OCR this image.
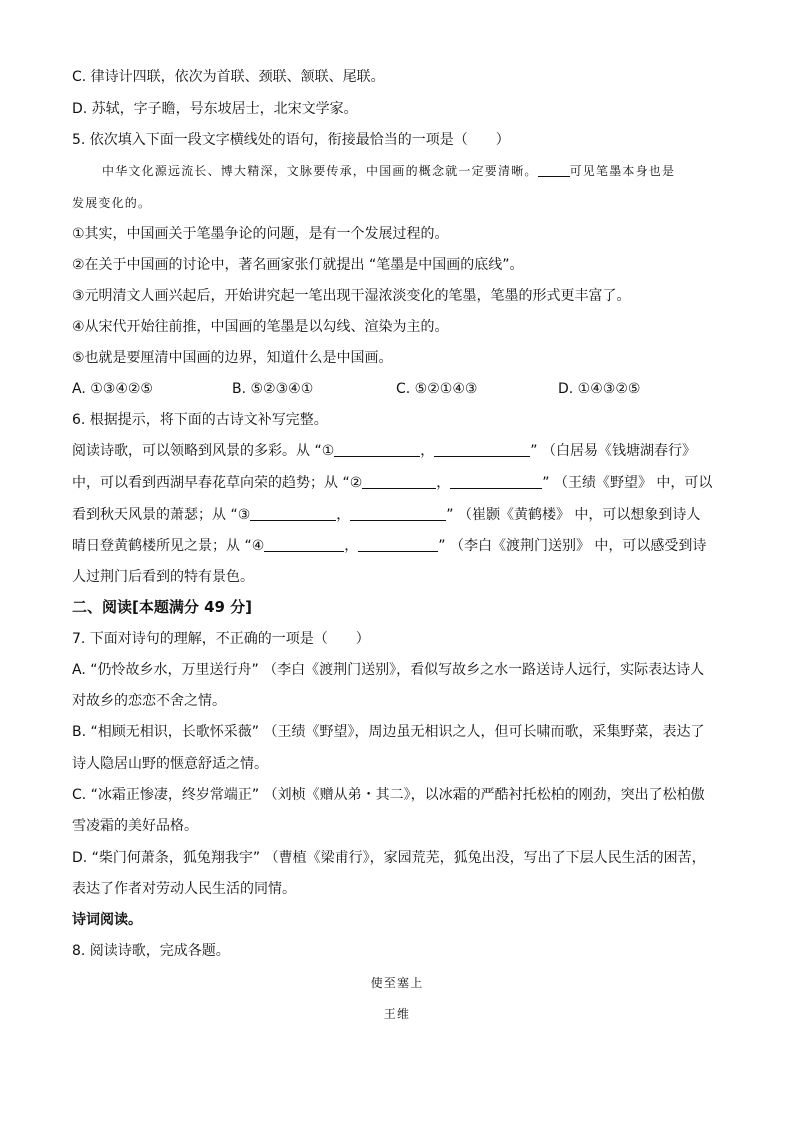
C. 律诗计四联，依次为首联、颈联、颔联、尾联。
D. 苏轼，字子瞻，号东坡居士，北宋文学家。
5. 依次填入下面一段文字横线处的语句，衔接最恰当的一项是（　　）
中华文化源远流长、博大精深，文脉要传承，中国画的概念就一定要清晰。	可见笔墨本身也是
发展变化的。
①其实，中国画关于笔墨争论的问题，是有一个发展过程的。
②在关于中国画的讨论中，著名画家张仃就提出 “笔墨是中国画的底线”。
③元明清文人画兴起后，开始讲究起一笔出现干湿浓淡变化的笔墨，笔墨的形式更丰富了。
④从宋代开始往前推，中国画的笔墨是以勾线、渲染为主的。
⑤也就是要厘清中国画的边界，知道什么是中国画。
A. ①③④②⑤	B. ⑤②③④①	C. ⑤②①④③	D. ①④③②⑤
6. 根据提示，将下面的古诗文补写完整。
阅读诗歌，可以领略到风景的多彩。从 “①	，	” （白居易《钱塘湖春行》
中，可以看到西湖早春花草向荣的趋势；从 “②	，	” （王绩《野望》 中，可以
看到秋天风景的萧瑟；从 “③	，	” （崔颢《黄鹤楼》 中，可以想象到诗人
晴日登黄鹤楼所见之景；从 “④	，	” （李白《渡荆门送别》 中，可以感受到诗
人过荆门后看到的特有景色。
二、阅读[本题满分 49 分]
7. 下面对诗句的理解，不正确的一项是（　　）
A. “仍怜故乡水，万里送行舟” （李白《渡荆门送别》，看似写故乡之水一路送诗人远行，实际表达诗人
对故乡的恋恋不舍之情。
B. “相顾无相识，长歌怀采薇” （王绩《野望》，周边虽无相识之人，但可长啸而歌，采集野菜，表达了
诗人隐居山野的惬意舒适之情。
C. “冰霜正惨凄，终岁常端正” （刘桢《赠从弟・其二》，以冰霜的严酷衬托松柏的刚劲，突出了松柏傲
雪凌霜的美好品格。
D. “柴门何萧条，狐兔翔我宇” （曹植《梁甫行》，家园荒芜，狐兔出没，写出了下层人民生活的困苦，
表达了作者对劳动人民生活的同情。
诗词阅读。
8. 阅读诗歌，完成各题。
使至塞上
王维
